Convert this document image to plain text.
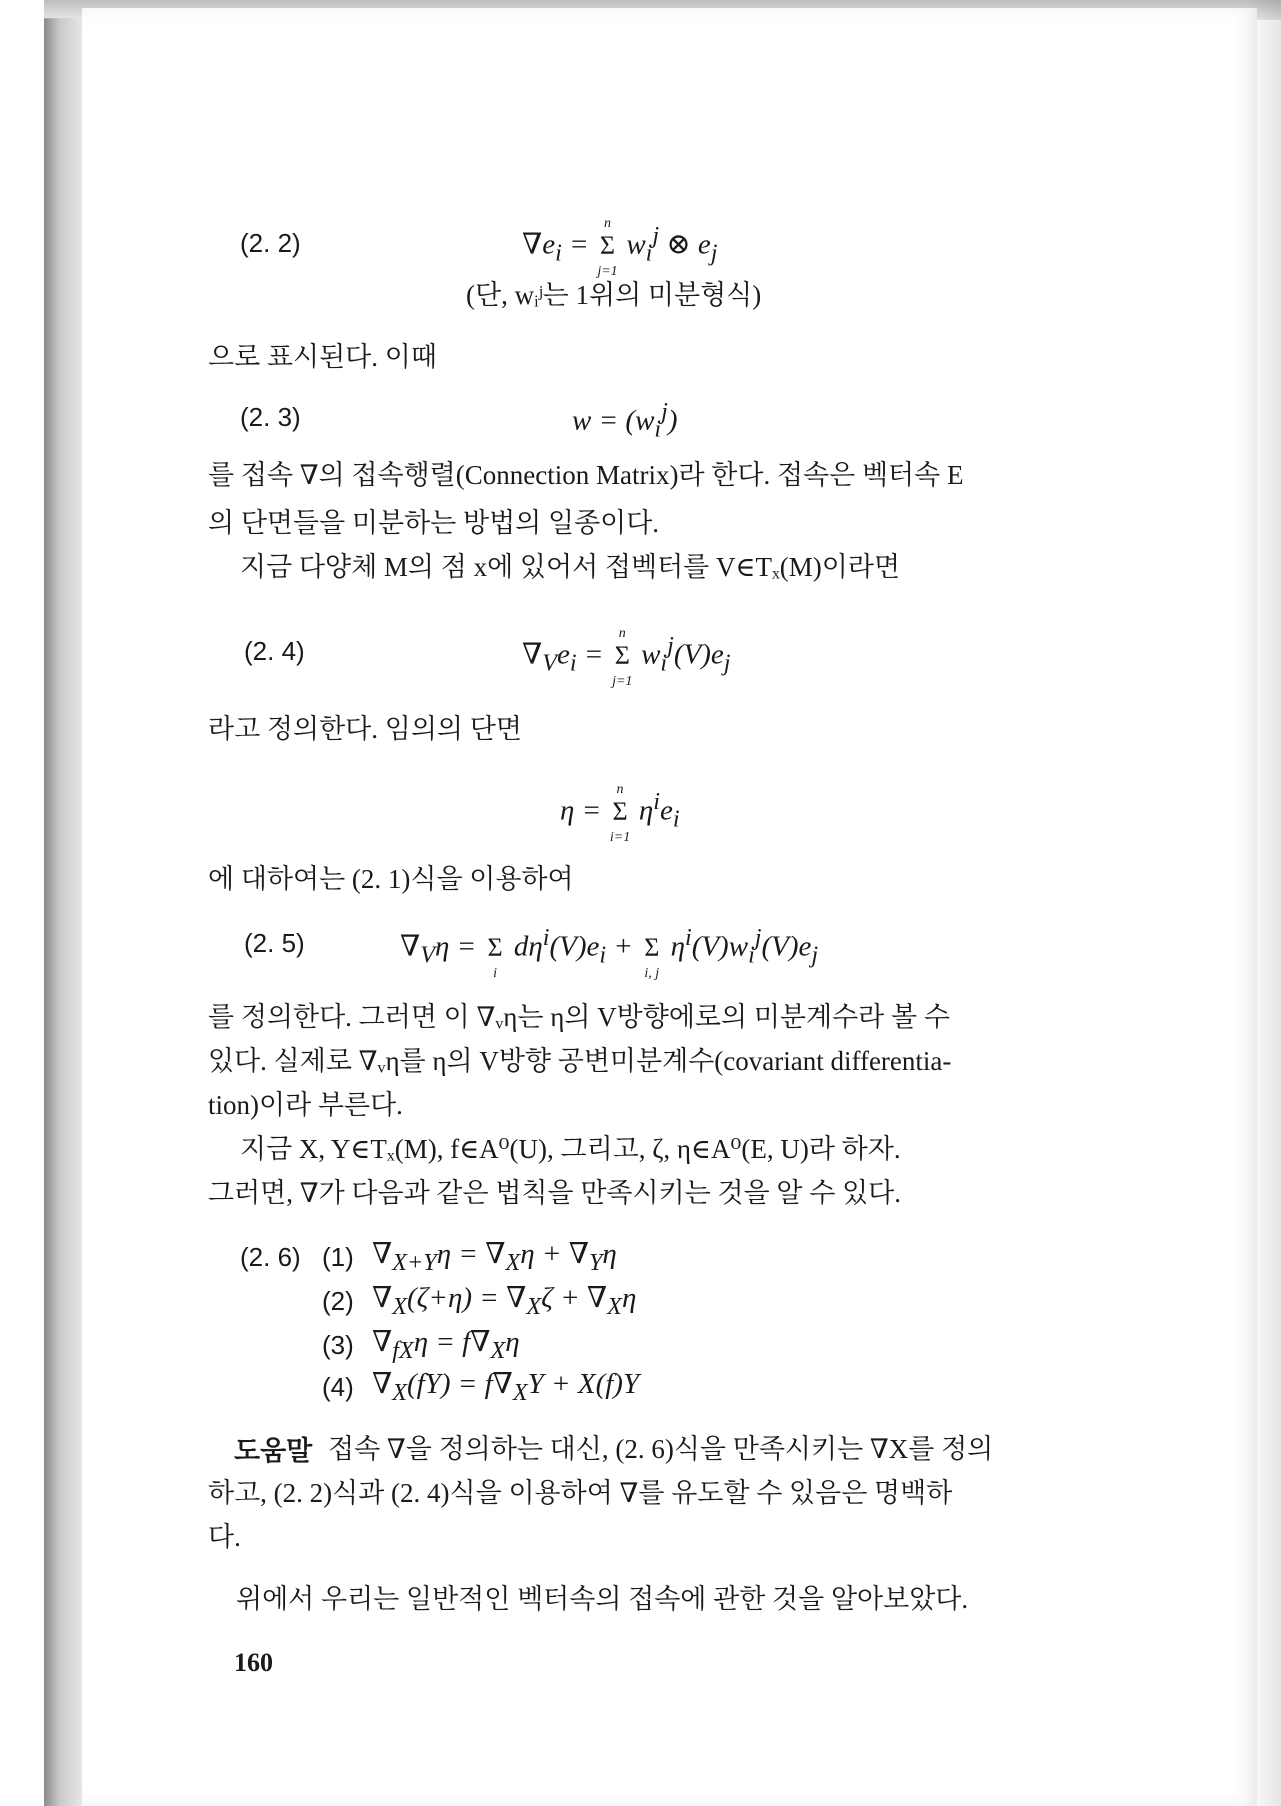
(2. 2)	$\nabla e_i = \Sigma$
n
j=1
$w_i^j$ ⊗ $e_j$
(단, wᵢʲ는 1위의 미분형식)
으로 표시된다. 이때
(2. 3)	$w = (w_i^j)$
를 접속 ∇의 접속행렬(Connection Matrix)라 한다. 접속은 벡터속 E
의 단면들을 미분하는 방법의 일종이다.
지금 다양체 M의 점 x에 있어서 접벡터를 V∈Tₓ(M)이라면
(2. 4)	$\nabla_Ve_i = \Sigma$
n
j=1
$w_i^j(V)e_j$
라고 정의한다. 임의의 단면
η = Σ
n
i=1
$\eta^ie_i$
에 대하여는 (2. 1)식을 이용하여
(2. 5)	$\nabla_V\eta = \Sigma$
i
$d\eta^i(V)e_i + \Sigma$
i, j
$\eta^i(V)w_i^j(V)e_j$
를 정의한다. 그러면 이 ∇ᵥη는 η의 V방향에로의 미분계수라 볼 수
있다. 실제로 ∇ᵥη를 η의 V방향 공변미분계수(covariant differentia-
tion)이라 부른다.
지금 X, Y∈Tₓ(M), f∈A⁰(U), 그리고, ζ, η∈A⁰(E, U)라 하자.
그러면, ∇가 다음과 같은 법칙을 만족시키는 것을 알 수 있다.
(2. 6) (1) $\nabla_{X+Y}\eta = \nabla_X\eta + \nabla_Y\eta$
(2) $\nabla_X(\zeta+\eta) = \nabla_X\zeta + \nabla_X\eta$
(3) $\nabla_{fX}\eta = f\nabla_X\eta$
(4) $\nabla_X(fY) = f\nabla_XY + X(f)Y$
도움말 접속 ∇을 정의하는 대신, (2. 6)식을 만족시키는 ∇X를 정의
하고, (2. 2)식과 (2. 4)식을 이용하여 ∇를 유도할 수 있음은 명백하
다.
위에서 우리는 일반적인 벡터속의 접속에 관한 것을 알아보았다.
160
